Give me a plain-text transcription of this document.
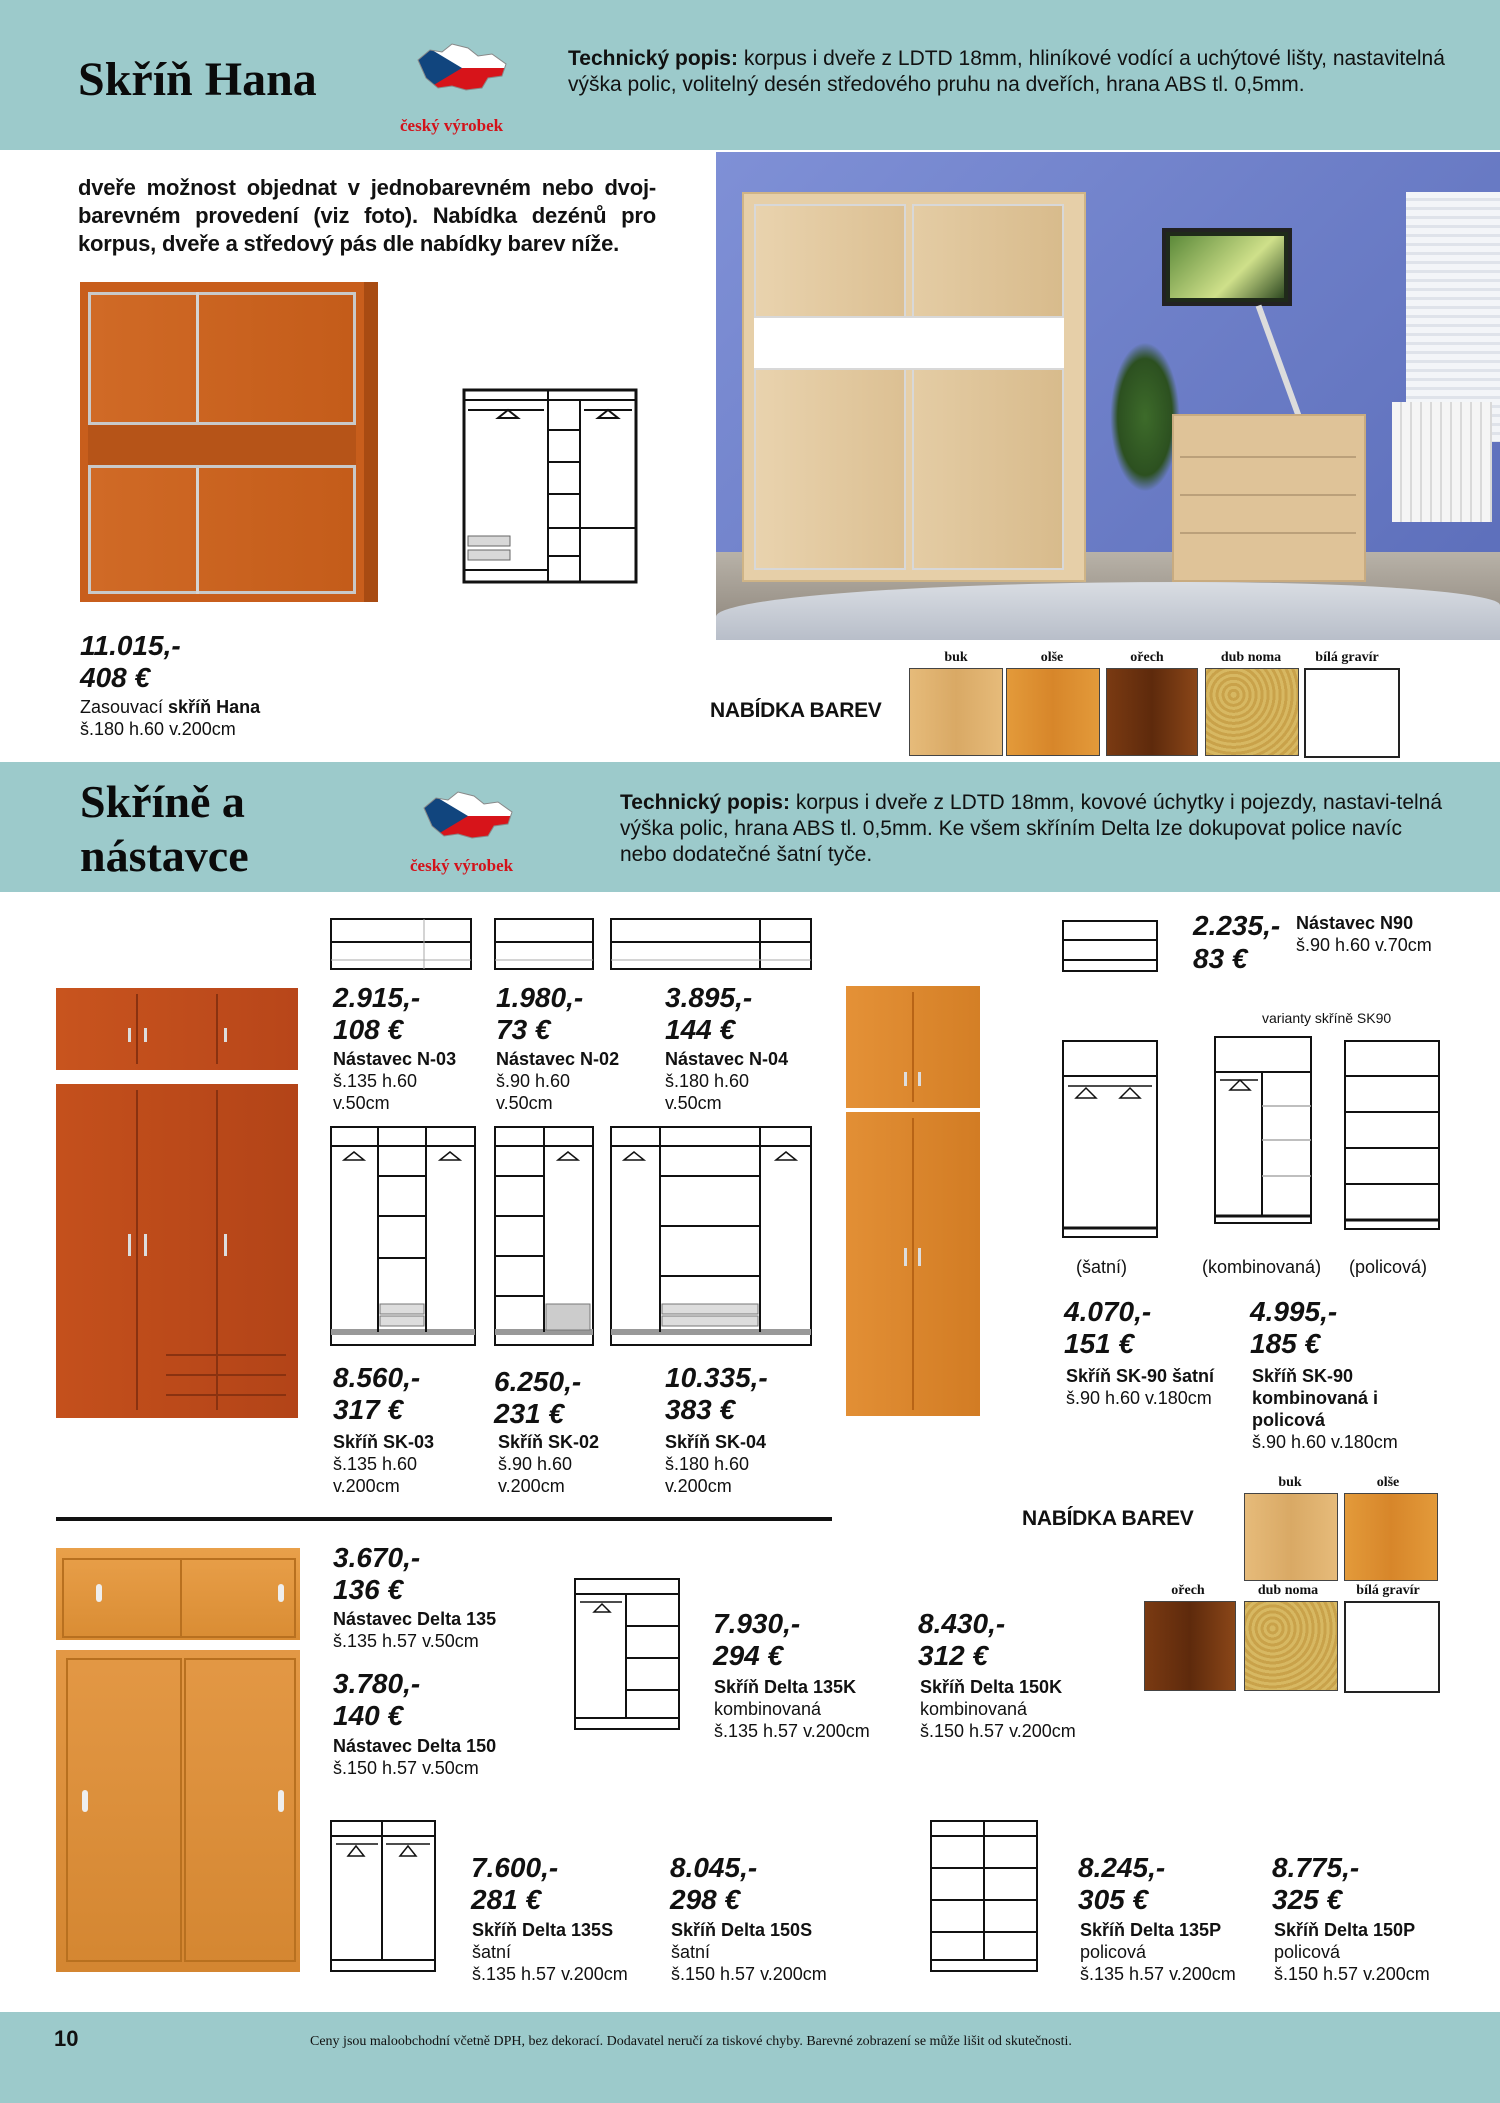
Skříň Hana
český výrobek
Technický popis: korpus i dveře z LDTD 18mm, hliníkové vodící a uchýtové lišty, nastavitelná výška polic, volitelný desén středového pruhu na dveřích, hrana ABS tl. 0,5mm.
dveře možnost objednat v jednobarevném nebo dvoj-barevném provedení (viz foto). Nabídka dezénů pro korpus, dveře a středový pás dle nabídky barev níže.
11.015,-
408 €
Zasouvací skříň Hana
š.180 h.60 v.200cm
NABÍDKA BAREV
buk	olše	ořech	dub noma	bílá gravír
Skříně a
nástavce	český výrobek
Technický popis: korpus i dveře z LDTD 18mm, kovové úchytky i pojezdy, nastavi-telná výška polic, hrana ABS tl. 0,5mm. Ke všem skříním Delta lze dokupovat police navíc nebo dodatečné šatní tyče.
2.915,-
108 €
Nástavec N-03
š.135 h.60
v.50cm
1.980,-
73 €
Nástavec N-02
š.90 h.60
v.50cm
3.895,-
144 €
Nástavec N-04
š.180 h.60
v.50cm
8.560,-
317 €
Skříň SK-03
š.135 h.60
v.200cm
6.250,-
231 €
Skříň SK-02
š.90 h.60
v.200cm
10.335,-
383 €
Skříň SK-04
š.180 h.60
v.200cm
2.235,-
83 €
Nástavec N90
š.90 h.60 v.70cm
varianty skříně SK90
(šatní)	(kombinovaná) (policová)
4.070,-
151 €
Skříň SK-90 šatní
š.90 h.60 v.180cm
4.995,-
185 €
Skříň SK-90
kombinovaná i
policová
š.90 h.60 v.180cm
NABÍDKA BAREV
buk	olše
ořech	dub noma	bílá gravír
3.670,-
136 €
Nástavec Delta 135
š.135 h.57 v.50cm
3.780,-
140 €
Nástavec Delta 150
š.150 h.57 v.50cm
7.930,-
294 €
Skříň Delta 135K
kombinovaná
š.135 h.57 v.200cm
8.430,-
312 €
Skříň Delta 150K
kombinovaná
š.150 h.57 v.200cm
7.600,-
281 €
Skříň Delta 135S
šatní
š.135 h.57 v.200cm
8.045,-
298 €
Skříň Delta 150S
šatní
š.150 h.57 v.200cm
8.245,-
305 €
Skříň Delta 135P
policová
š.135 h.57 v.200cm
8.775,-
325 €
Skříň Delta 150P
policová
š.150 h.57 v.200cm
10	Ceny jsou maloobchodní včetně DPH, bez dekorací. Dodavatel neručí za tiskové chyby. Barevné zobrazení se může lišit od skutečnosti.
